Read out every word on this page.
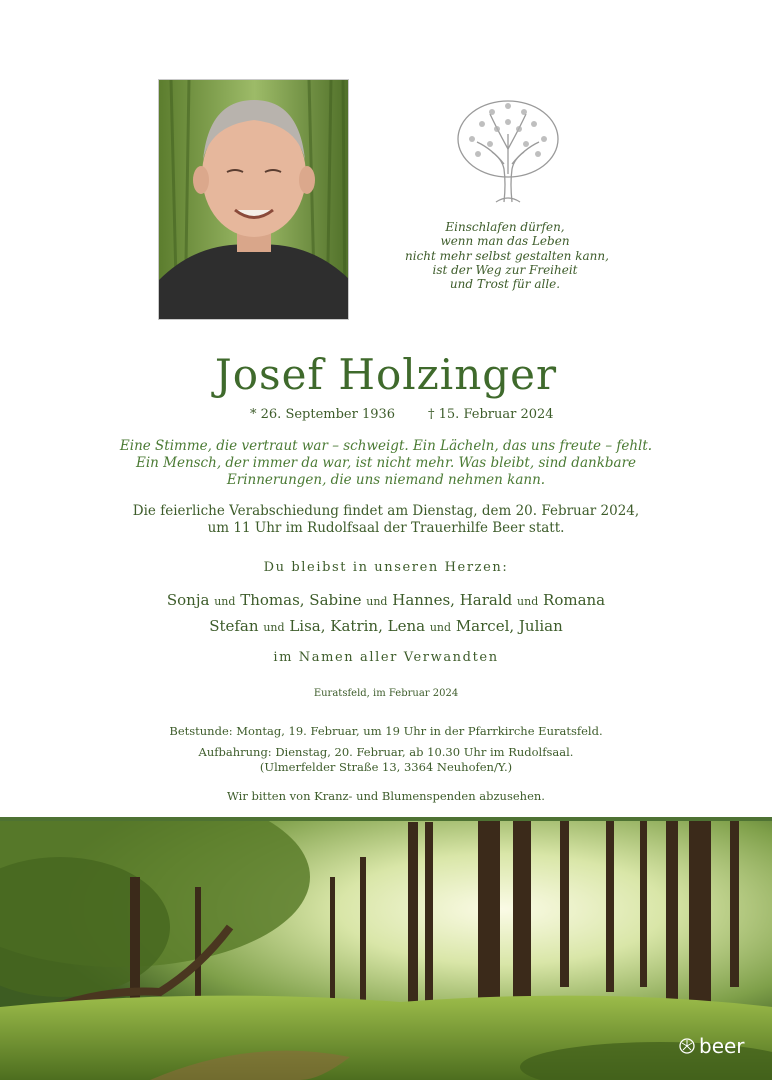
Einschlafen dürfen,
wenn man das Leben
nicht mehr selbst gestalten kann,
ist der Weg zur Freiheit
und Trost für alle.
Josef Holzinger
* 26. September 1936	† 15. Februar 2024
Eine Stimme, die vertraut war – schweigt. Ein Lächeln, das uns freute – fehlt.
Ein Mensch, der immer da war, ist nicht mehr. Was bleibt, sind dankbare
Erinnerungen, die uns niemand nehmen kann.
Die feierliche Verabschiedung findet am Dienstag, dem 20. Februar 2024,
um 11 Uhr im Rudolfsaal der Trauerhilfe Beer statt.
Du bleibst in unseren Herzen:
Sonja und Thomas, Sabine und Hannes, Harald und Romana
Stefan und Lisa, Katrin, Lena und Marcel, Julian
im Namen aller Verwandten
Euratsfeld, im Februar 2024
Betstunde: Montag, 19. Februar, um 19 Uhr in der Pfarrkirche Euratsfeld.
Aufbahrung: Dienstag, 20. Februar, ab 10.30 Uhr im Rudolfsaal.
(Ulmerfelder Straße 13, 3364 Neuhofen/Y.)
Wir bitten von Kranz- und Blumenspenden abzusehen.
beer
